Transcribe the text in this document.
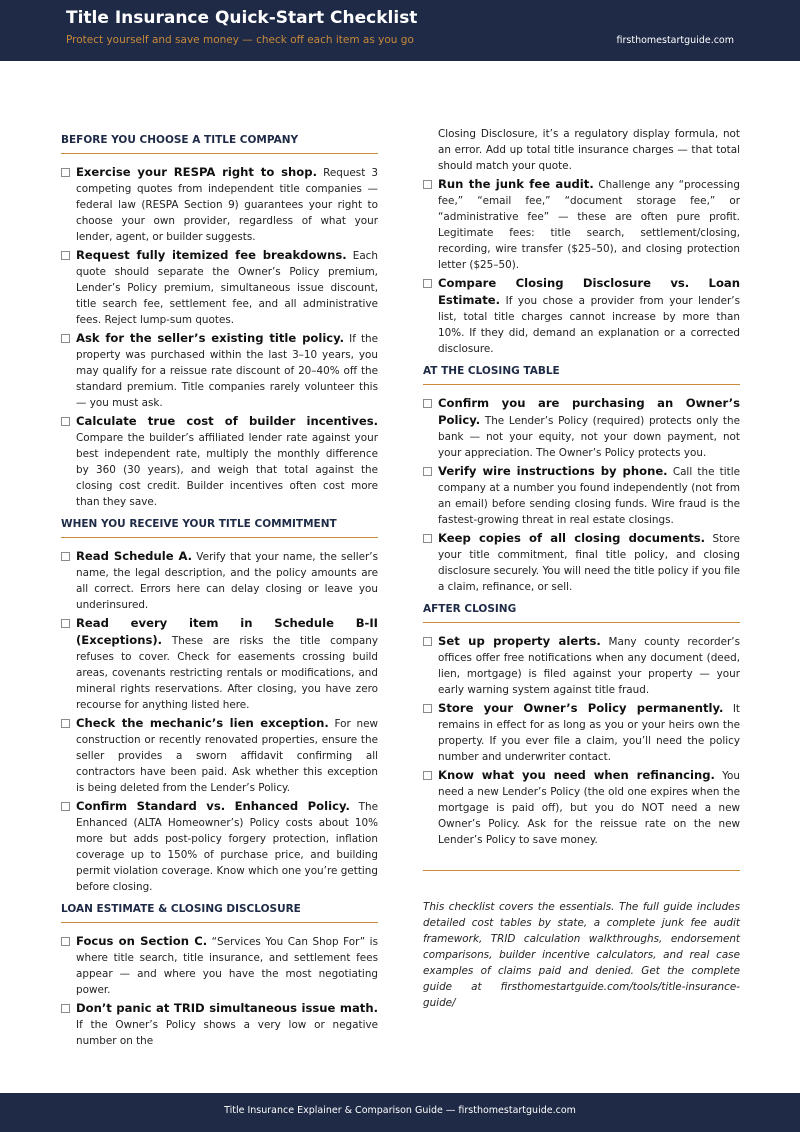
Title Insurance Quick-Start Checklist
Protect yourself and save money — check off each item as you go	firsthomestartguide.com
BEFORE YOU CHOOSE A TITLE COMPANY
Exercise your RESPA right to shop. Request 3 competing quotes from independent title companies — federal law (RESPA Section 9) guarantees your right to choose your own provider, regardless of what your lender, agent, or builder suggests.
Request fully itemized fee breakdowns. Each quote should separate the Owner’s Policy premium, Lender’s Policy premium, simultaneous issue discount, title search fee, settlement fee, and all administrative fees. Reject lump-sum quotes.
Ask for the seller’s existing title policy. If the property was purchased within the last 3–10 years, you may qualify for a reissue rate discount of 20–40% off the standard premium. Title companies rarely volunteer this — you must ask.
Calculate true cost of builder incentives. Compare the builder’s affiliated lender rate against your best independent rate, multiply the monthly difference by 360 (30 years), and weigh that total against the closing cost credit. Builder incentives often cost more than they save.
WHEN YOU RECEIVE YOUR TITLE COMMITMENT
Read Schedule A. Verify that your name, the seller’s name, the legal description, and the policy amounts are all correct. Errors here can delay closing or leave you underinsured.
Read every item in Schedule B-II (Exceptions). These are risks the title company refuses to cover. Check for easements crossing build areas, covenants restricting rentals or modifications, and mineral rights reservations. After closing, you have zero recourse for anything listed here.
Check the mechanic’s lien exception. For new construction or recently renovated properties, ensure the seller provides a sworn affidavit confirming all contractors have been paid. Ask whether this exception is being deleted from the Lender’s Policy.
Confirm Standard vs. Enhanced Policy. The Enhanced (ALTA Homeowner’s) Policy costs about 10% more but adds post-policy forgery protection, inflation coverage up to 150% of purchase price, and building permit violation coverage. Know which one you’re getting before closing.
LOAN ESTIMATE & CLOSING DISCLOSURE
Focus on Section C. “Services You Can Shop For” is where title search, title insurance, and settlement fees appear — and where you have the most negotiating power.
Don’t panic at TRID simultaneous issue math. If the Owner’s Policy shows a very low or negative number on the
Closing Disclosure, it’s a regulatory display formula, not an error. Add up total title insurance charges — that total should match your quote.
Run the junk fee audit. Challenge any “processing fee,” “email fee,” “document storage fee,” or “administrative fee” — these are often pure profit. Legitimate fees: title search, settlement/closing, recording, wire transfer ($25–50), and closing protection letter ($25–50).
Compare Closing Disclosure vs. Loan Estimate. If you chose a provider from your lender’s list, total title charges cannot increase by more than 10%. If they did, demand an explanation or a corrected disclosure.
AT THE CLOSING TABLE
Confirm you are purchasing an Owner’s Policy. The Lender’s Policy (required) protects only the bank — not your equity, not your down payment, not your appreciation. The Owner’s Policy protects you.
Verify wire instructions by phone. Call the title company at a number you found independently (not from an email) before sending closing funds. Wire fraud is the fastest-growing threat in real estate closings.
Keep copies of all closing documents. Store your title commitment, final title policy, and closing disclosure securely. You will need the title policy if you file a claim, refinance, or sell.
AFTER CLOSING
Set up property alerts. Many county recorder’s offices offer free notifications when any document (deed, lien, mortgage) is filed against your property — your early warning system against title fraud.
Store your Owner’s Policy permanently. It remains in effect for as long as you or your heirs own the property. If you ever file a claim, you’ll need the policy number and underwriter contact.
Know what you need when refinancing. You need a new Lender’s Policy (the old one expires when the mortgage is paid off), but you do NOT need a new Owner’s Policy. Ask for the reissue rate on the new Lender’s Policy to save money.
This checklist covers the essentials. The full guide includes detailed cost tables by state, a complete junk fee audit framework, TRID calculation walkthroughs, endorsement comparisons, builder incentive calculators, and real case examples of claims paid and denied. Get the complete guide at firsthomestartguide.com/tools/title-insurance-guide/
Title Insurance Explainer & Comparison Guide — firsthomestartguide.com
